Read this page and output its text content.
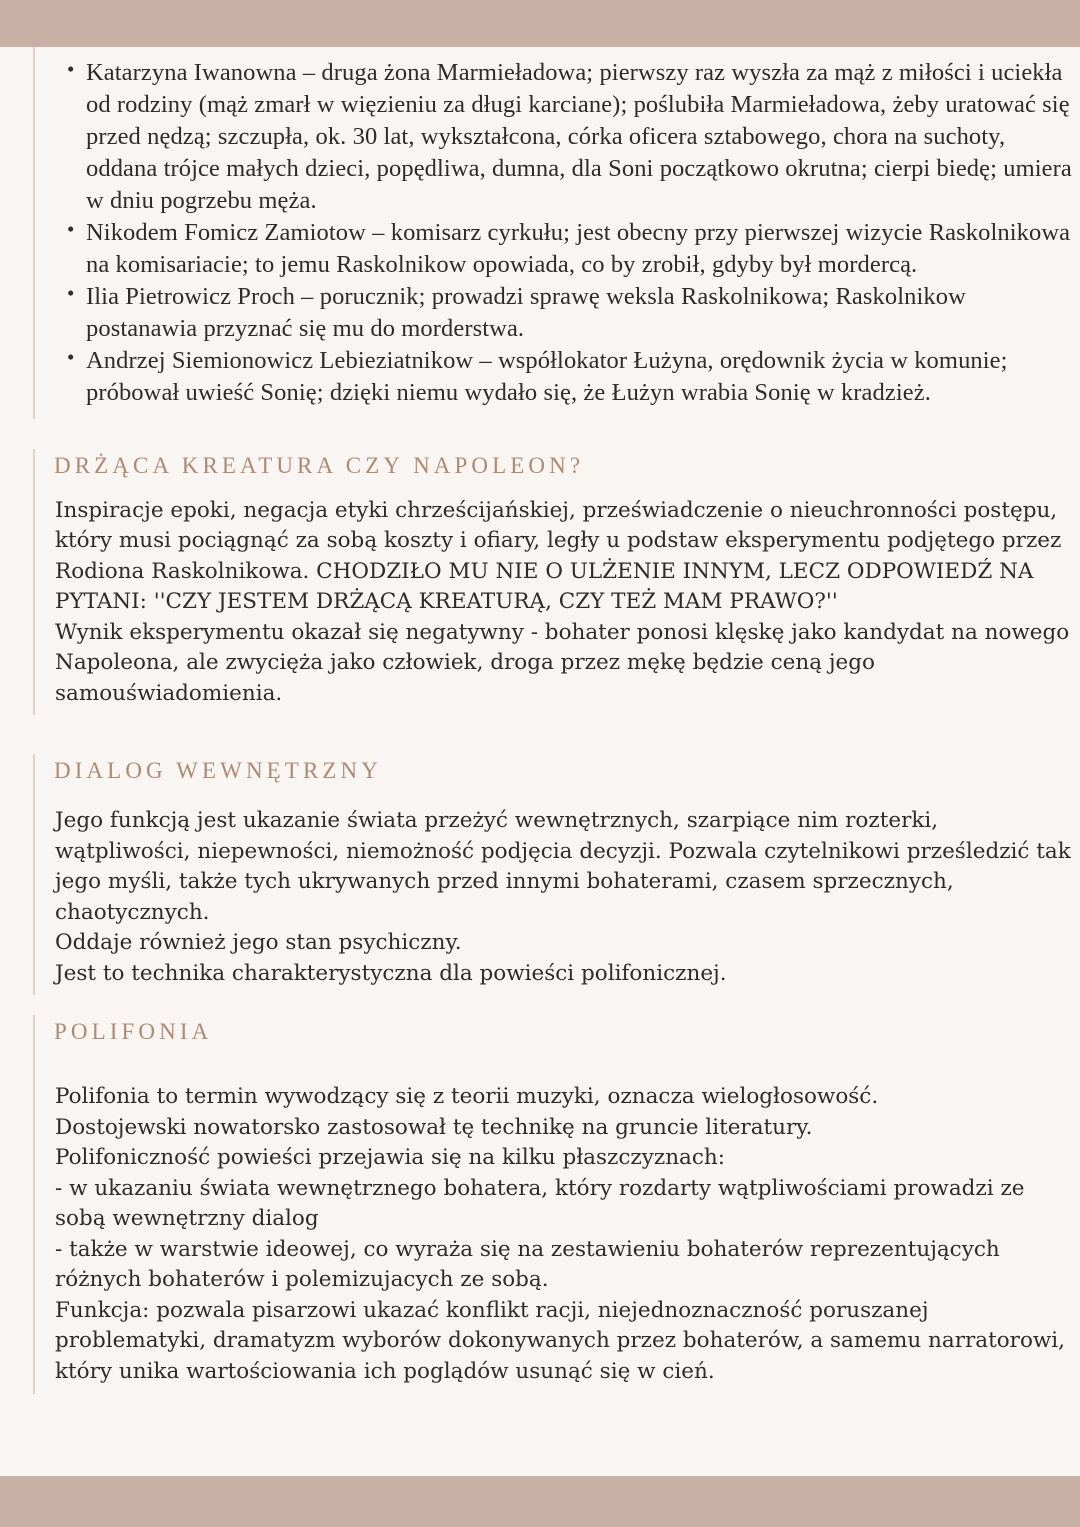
• Katarzyna Iwanowna – druga żona Marmieładowa; pierwszy raz wyszła za mąż z miłości i uciekła od rodziny (mąż zmarł w więzieniu za długi karciane); poślubiła Marmieładowa, żeby uratować się przed nędzą; szczupła, ok. 30 lat, wykształcona, córka oficera sztabowego, chora na suchoty, oddana trójce małych dzieci, popędliwa, dumna, dla Soni początkowo okrutna; cierpi biedę; umiera w dniu pogrzebu męża.
• Nikodem Fomicz Zamiotow – komisarz cyrkułu; jest obecny przy pierwszej wizycie Raskolnikowa na komisariacie; to jemu Raskolnikow opowiada, co by zrobił, gdyby był mordercą.
• Ilia Pietrowicz Proch – porucznik; prowadzi sprawę weksla Raskolnikowa; Raskolnikow postanawia przyznać się mu do morderstwa.
• Andrzej Siemionowicz Lebieziatnikow – współlokator Łużyna, orędownik życia w komunie; próbował uwieść Sonię; dzięki niemu wydało się, że Łużyn wrabia Sonię w kradzież.
DRŻĄCA KREATURA CZY NAPOLEON?

Inspiracje epoki, negacja etyki chrześcijańskiej, przeświadczenie o nieuchronności postępu, który musi pociągnąć za sobą koszty i ofiary, legły u podstaw eksperymentu podjętego przez Rodiona Raskolnikowa. CHODZIŁO MU NIE O ULŻENIE INNYM, LECZ ODPOWIEDŹ NA PYTANI: ''CZY JESTEM DRŻĄCĄ KREATURĄ, CZY TEŻ MAM PRAWO?''

Wynik eksperymentu okazał się negatywny - bohater ponosi klęskę jako kandydat na nowego Napoleona, ale zwycięża jako człowiek, droga przez mękę będzie ceną jego samouświadomienia.

DIALOG WEWNĘTRZNY

Jego funkcją jest ukazanie świata przeżyć wewnętrznych, szarpiące nim rozterki, wątpliwości, niepewności, niemożność podjęcia decyzji. Pozwala czytelnikowi prześledzić tak jego myśli, także tych ukrywanych przed innymi bohaterami, czasem sprzecznych, chaotycznych.

Oddaje również jego stan psychiczny.

Jest to technika charakterystyczna dla powieści polifonicznej.

POLIFONIA

Polifonia to termin wywodzący się z teorii muzyki, oznacza wielogłosowość.

Dostojewski nowatorsko zastosował tę technikę na gruncie literatury.

Polifoniczność powieści przejawia się na kilku płaszczyznach:

- w ukazaniu świata wewnętrznego bohatera, który rozdarty wątpliwościami prowadzi ze sobą wewnętrzny dialog

- także w warstwie ideowej, co wyraża się na zestawieniu bohaterów reprezentujących różnych bohaterów i polemizujacych ze sobą.

Funkcja: pozwala pisarzowi ukazać konflikt racji, niejednoznaczność poruszanej problematyki, dramatyzm wyborów dokonywanych przez bohaterów, a samemu narratorowi, który unika wartościowania ich poglądów usunąć się w cień.
